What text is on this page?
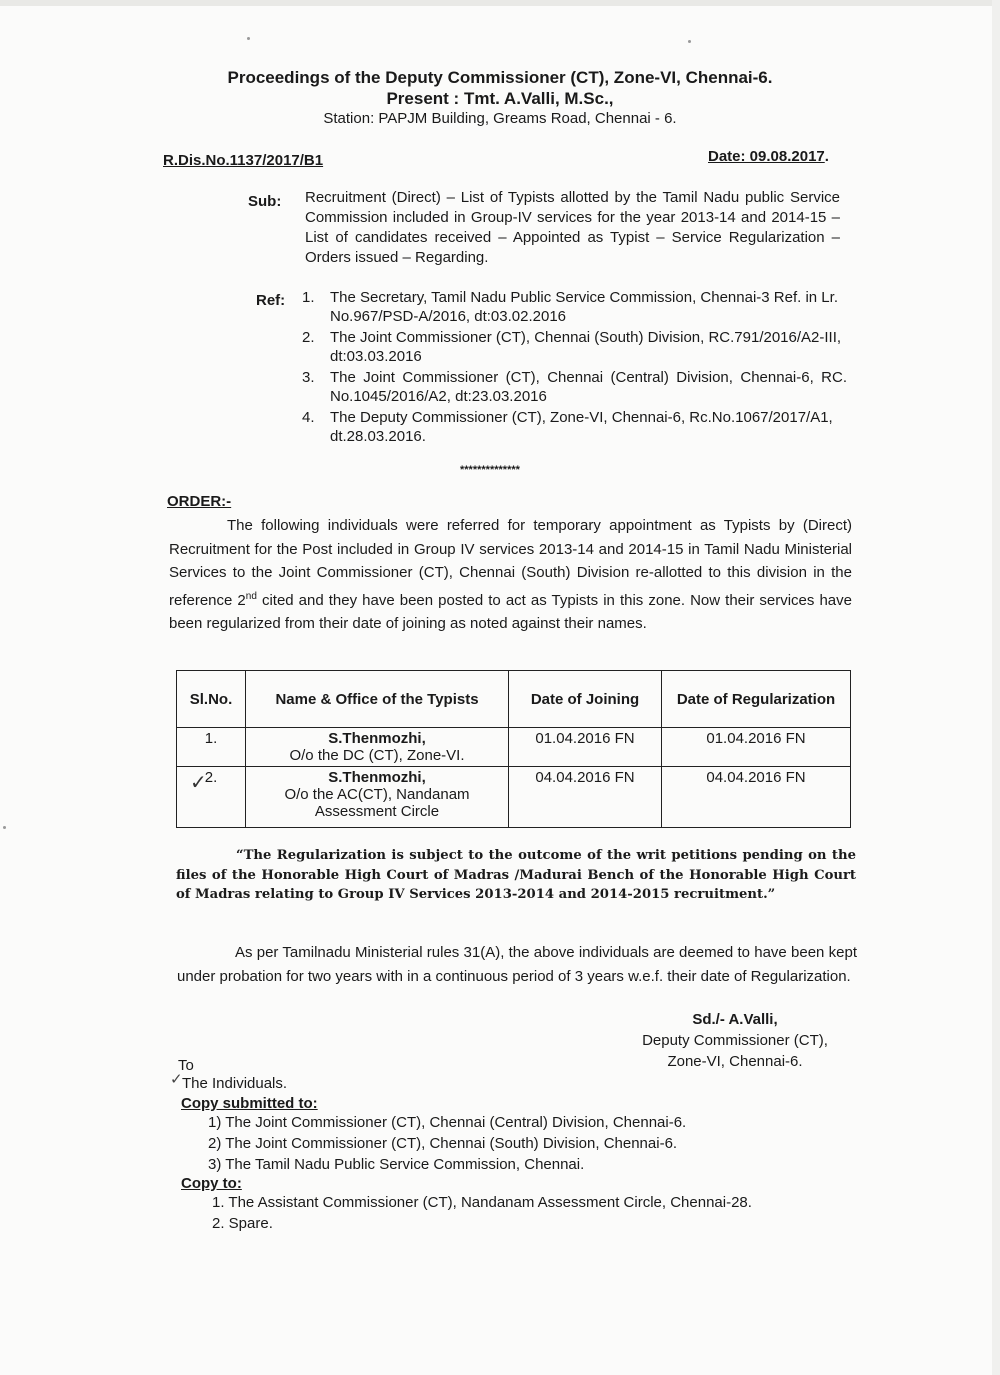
Proceedings of the Deputy Commissioner (CT), Zone-VI, Chennai-6.
Present : Tmt. A.Valli, M.Sc.,
Station: PAPJM Building, Greams Road, Chennai - 6.
R.Dis.No.1137/2017/B1	Date: 09.08.2017.
Sub: Recruitment (Direct) – List of Typists allotted by the Tamil Nadu public Service Commission included in Group-IV services for the year 2013-14 and 2014-15 – List of candidates received – Appointed as Typist – Service Regularization – Orders issued – Regarding.
Ref: 1.	The Secretary, Tamil Nadu Public Service Commission, Chennai-3 Ref. in Lr. No.967/PSD-A/2016, dt:03.02.2016
2.	The Joint Commissioner (CT), Chennai (South) Division, RC.791/2016/A2-III, dt:03.03.2016
3.	The Joint Commissioner (CT), Chennai (Central) Division, Chennai-6, RC. No.1045/2016/A2, dt:23.03.2016
4.	The Deputy Commissioner (CT), Zone-VI, Chennai-6, Rc.No.1067/2017/A1, dt.28.03.2016.
**************
ORDER:-
The following individuals were referred for temporary appointment as Typists by (Direct) Recruitment for the Post included in Group IV services 2013-14 and 2014-15 in Tamil Nadu Ministerial Services to the Joint Commissioner (CT), Chennai (South) Division re-allotted to this division in the reference 2nd cited and they have been posted to act as Typists in this zone. Now their services have been regularized from their date of joining as noted against their names.
Sl.No.	Name & Office of the Typists	Date of Joining	Date of Regularization
1.	S.Thenmozhi,
O/o the DC (CT), Zone-VI.	01.04.2016 FN	01.04.2016 FN
2.	S.Thenmozhi,
O/o the AC(CT), Nandanam Assessment Circle	04.04.2016 FN	04.04.2016 FN
✓
“The Regularization is subject to the outcome of the writ petitions pending on the files of the Honorable High Court of Madras /Madurai Bench of the Honorable High Court of Madras relating to Group IV Services 2013-2014 and 2014-2015 recruitment.”
As per Tamilnadu Ministerial rules 31(A), the above individuals are deemed to have been kept under probation for two years with in a continuous period of 3 years w.e.f. their date of Regularization.
Sd./- A.Valli,
Deputy Commissioner (CT),
Zone-VI, Chennai-6.
To
✓ The Individuals.
Copy submitted to:
1) The Joint Commissioner (CT), Chennai (Central) Division, Chennai-6.
2) The Joint Commissioner (CT), Chennai (South) Division, Chennai-6.
3) The Tamil Nadu Public Service Commission, Chennai.
Copy to:
1. The Assistant Commissioner (CT), Nandanam Assessment Circle, Chennai-28.
2. Spare.
